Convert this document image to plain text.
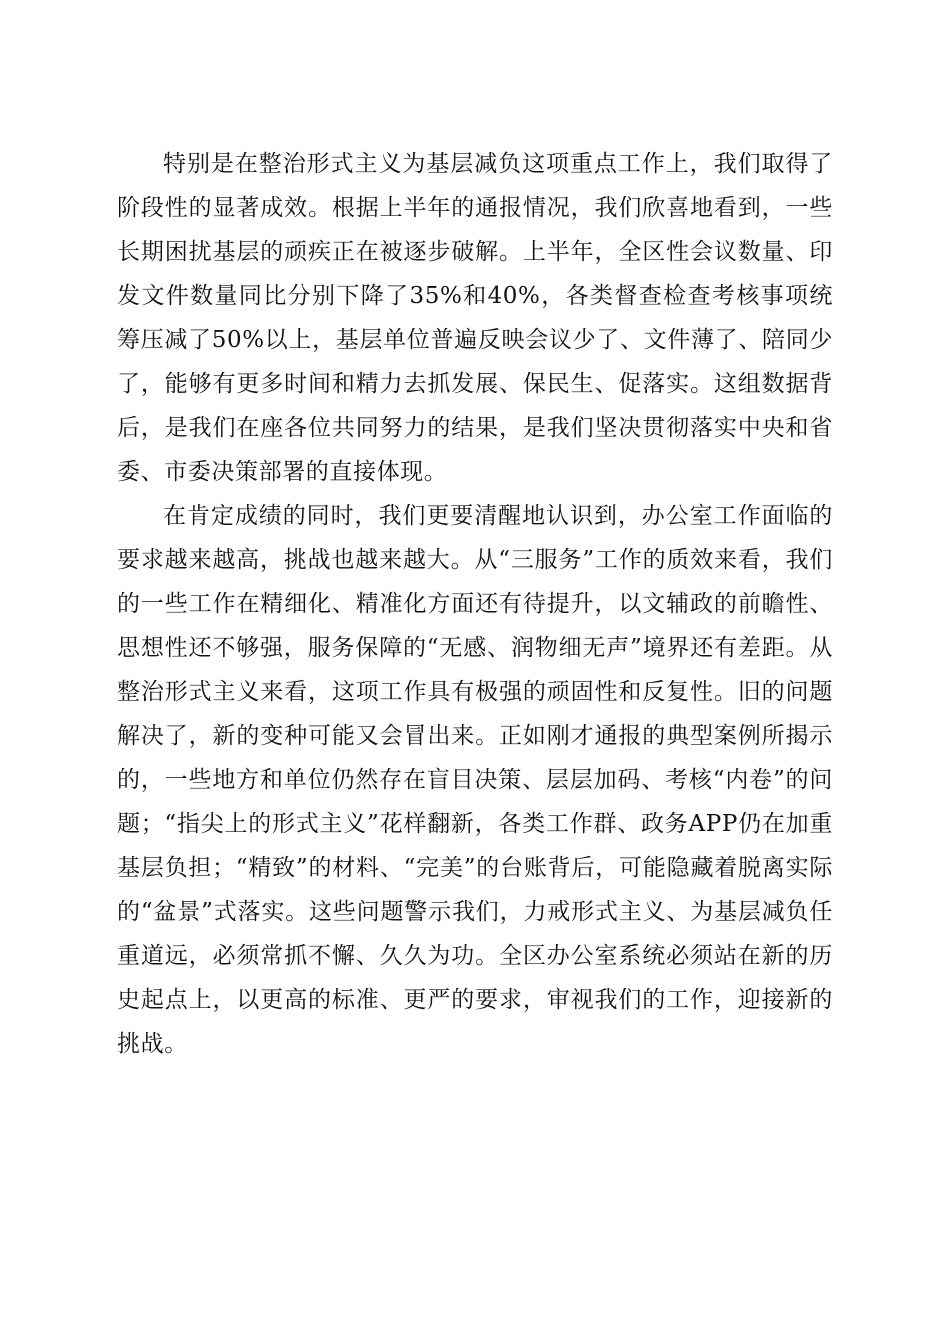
特别是在整治形式主义为基层减负这项重点工作上，我们取得了阶段性的显著成效。根据上半年的通报情况，我们欣喜地看到，一些长期困扰基层的顽疾正在被逐步破解。上半年，全区性会议数量、印发文件数量同比分别下降了35%和40%，各类督查检查考核事项统筹压减了50%以上，基层单位普遍反映会议少了、文件薄了、陪同少了，能够有更多时间和精力去抓发展、保民生、促落实。这组数据背后，是我们在座各位共同努力的结果，是我们坚决贯彻落实中央和省委、市委决策部署的直接体现。

在肯定成绩的同时，我们更要清醒地认识到，办公室工作面临的要求越来越高，挑战也越来越大。从“三服务”工作的质效来看，我们的一些工作在精细化、精准化方面还有待提升，以文辅政的前瞻性、思想性还不够强，服务保障的“无感、润物细无声”境界还有差距。从整治形式主义来看，这项工作具有极强的顽固性和反复性。旧的问题解决了，新的变种可能又会冒出来。正如刚才通报的典型案例所揭示的，一些地方和单位仍然存在盲目决策、层层加码、考核“内卷”的问题；“指尖上的形式主义”花样翻新，各类工作群、政务APP仍在加重基层负担；“精致”的材料、“完美”的台账背后，可能隐藏着脱离实际的“盆景”式落实。这些问题警示我们，力戒形式主义、为基层减负任重道远，必须常抓不懈、久久为功。全区办公室系统必须站在新的历史起点上，以更高的标准、更严的要求，审视我们的工作，迎接新的挑战。
